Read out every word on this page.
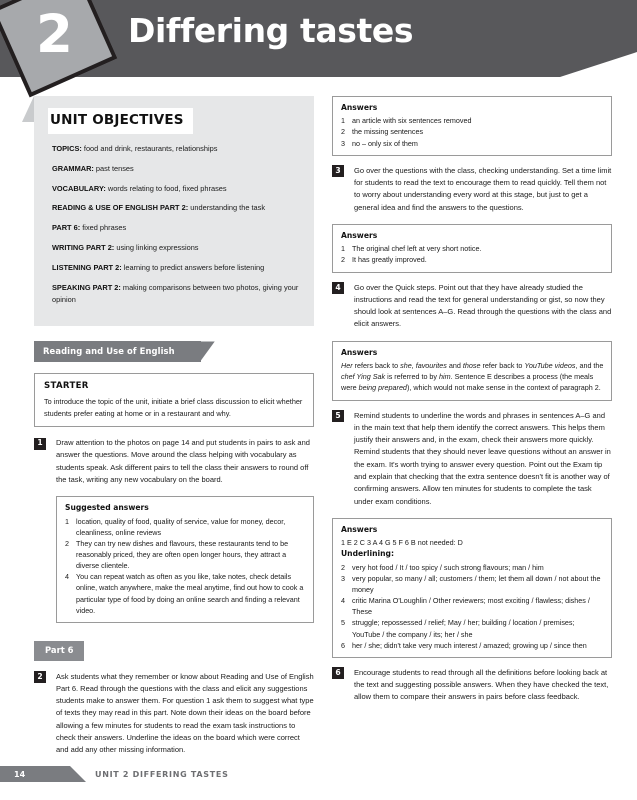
2	Differing tastes
UNIT OBJECTIVES
TOPICS: food and drink, restaurants, relationships
GRAMMAR: past tenses
VOCABULARY: words relating to food, fixed phrases
READING & USE OF ENGLISH PART 2: understanding the task
PART 6: fixed phrases
WRITING PART 2: using linking expressions
LISTENING PART 2: learning to predict answers before listening
SPEAKING PART 2: making comparisons between two photos, giving your opinion
Reading and Use of English
STARTER
To introduce the topic of the unit, initiate a brief class discussion to elicit whether students prefer eating at home or in a restaurant and why.
1	Draw attention to the photos on page 14 and put students in pairs to ask and answer the questions. Move around the class helping with vocabulary as students speak. Ask different pairs to tell the class their answers to round off the task, writing any new vocabulary on the board.
Suggested answers
1 location, quality of food, quality of service, value for money, decor, cleanliness, online reviews
2 They can try new dishes and flavours, these restaurants tend to be reasonably priced, they are often open longer hours, they attract a diverse clientele.
4 You can repeat watch as often as you like, take notes, check details online, watch anywhere, make the meal anytime, find out how to cook a particular type of food by doing an online search and finding a relevant video.
Part 6
2	Ask students what they remember or know about Reading and Use of English Part 6. Read through the questions with the class and elicit any suggestions students make to answer them. For question 1 ask them to suggest what type of texts they may read in this part. Note down their ideas on the board before allowing a few minutes for students to read the exam task instructions to check their answers. Underline the ideas on the board which were correct and add any other missing information.
Answers
1 an article with six sentences removed
2 the missing sentences
3 no – only six of them
3	Go over the questions with the class, checking understanding. Set a time limit for students to read the text to encourage them to read quickly. Tell them not to worry about understanding every word at this stage, but just to get a general idea and find the answers to the questions.
Answers
1 The original chef left at very short notice.
2 It has greatly improved.
4	Go over the Quick steps. Point out that they have already studied the instructions and read the text for general understanding or gist, so now they should look at sentences A–G. Read through the questions with the class and elicit answers.
Answers
Her refers back to she, favourites and those refer back to YouTube videos, and the chef Ying Sak is referred to by him. Sentence E describes a process (the meals were being prepared), which would not make sense in the context of paragraph 2.
5	Remind students to underline the words and phrases in sentences A–G and in the main text that help them identify the correct answers. This helps them justify their answers and, in the exam, check their answers more quickly. Remind students that they should never leave questions without an answer in the exam. It's worth trying to answer every question. Point out the Exam tip and explain that checking that the extra sentence doesn't fit is another way of confirming answers. Allow ten minutes for students to complete the task under exam conditions.
Answers
1 E 2 C 3 A 4 G 5 F 6 B not needed: D
Underlining:
2 very hot food / It / too spicy / such strong flavours; man / him
3 very popular, so many / all; customers / them; let them all down / not about the money
4 critic Marina O'Loughlin / Other reviewers; most exciting / flawless; dishes / These
5 struggle; repossessed / relief; May / her; building / location / premises; YouTube / the company / its; her / she
6 her / she; didn't take very much interest / amazed; growing up / since then
6	Encourage students to read through all the definitions before looking back at the text and suggesting possible answers. When they have checked the text, allow them to compare their answers in pairs before class feedback.
14	UNIT 2 DIFFERING TASTES
